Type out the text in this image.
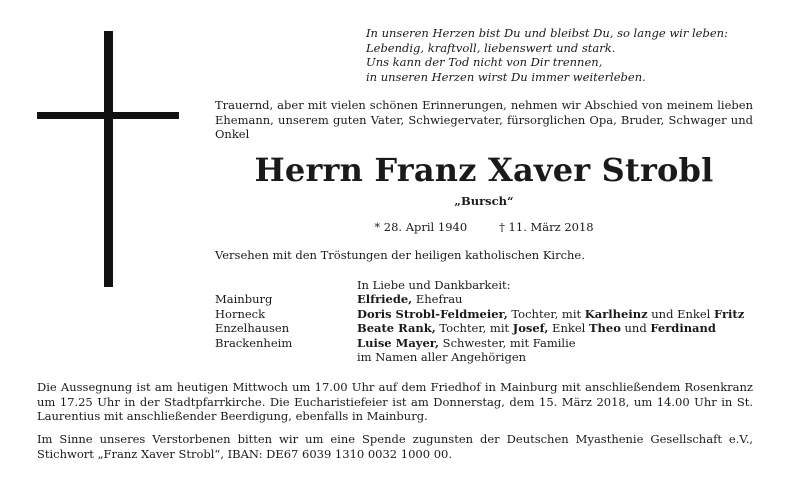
In unseren Herzen bist Du und bleibst Du, so lange wir leben:
Lebendig, kraftvoll, liebenswert und stark.
Uns kann der Tod nicht von Dir trennen,
in unseren Herzen wirst Du immer weiterleben.
Trauernd, aber mit vielen schönen Erinnerungen, nehmen wir Abschied von meinem lieben Ehemann, unserem guten Vater, Schwiegervater, fürsorglichen Opa, Bruder, Schwager und Onkel
Herrn Franz Xaver Strobl
„Bursch“
* 28. April 1940	† 11. März 2018
Versehen mit den Tröstungen der heiligen katholischen Kirche.
In Liebe und Dankbarkeit:
Mainburg
Horneck
Enzelhausen
Brackenheim
Elfriede, Ehefrau
Doris Strobl-Feldmeier, Tochter, mit Karlheinz und Enkel Fritz
Beate Rank, Tochter, mit Josef, Enkel Theo und Ferdinand
Luise Mayer, Schwester, mit Familie
im Namen aller Angehörigen
Die Aussegnung ist am heutigen Mittwoch um 17.00 Uhr auf dem Friedhof in Mainburg mit anschließendem Rosenkranz um 17.25 Uhr in der Stadtpfarrkirche. Die Eucharistiefeier ist am Donnerstag, dem 15. März 2018, um 14.00 Uhr in St. Laurentius mit anschließender Beerdigung, ebenfalls in Mainburg.
Im Sinne unseres Verstorbenen bitten wir um eine Spende zugunsten der Deutschen Myasthenie Gesellschaft e.V., Stichwort „Franz Xaver Strobl“, IBAN: DE67 6039 1310 0032 1000 00.
